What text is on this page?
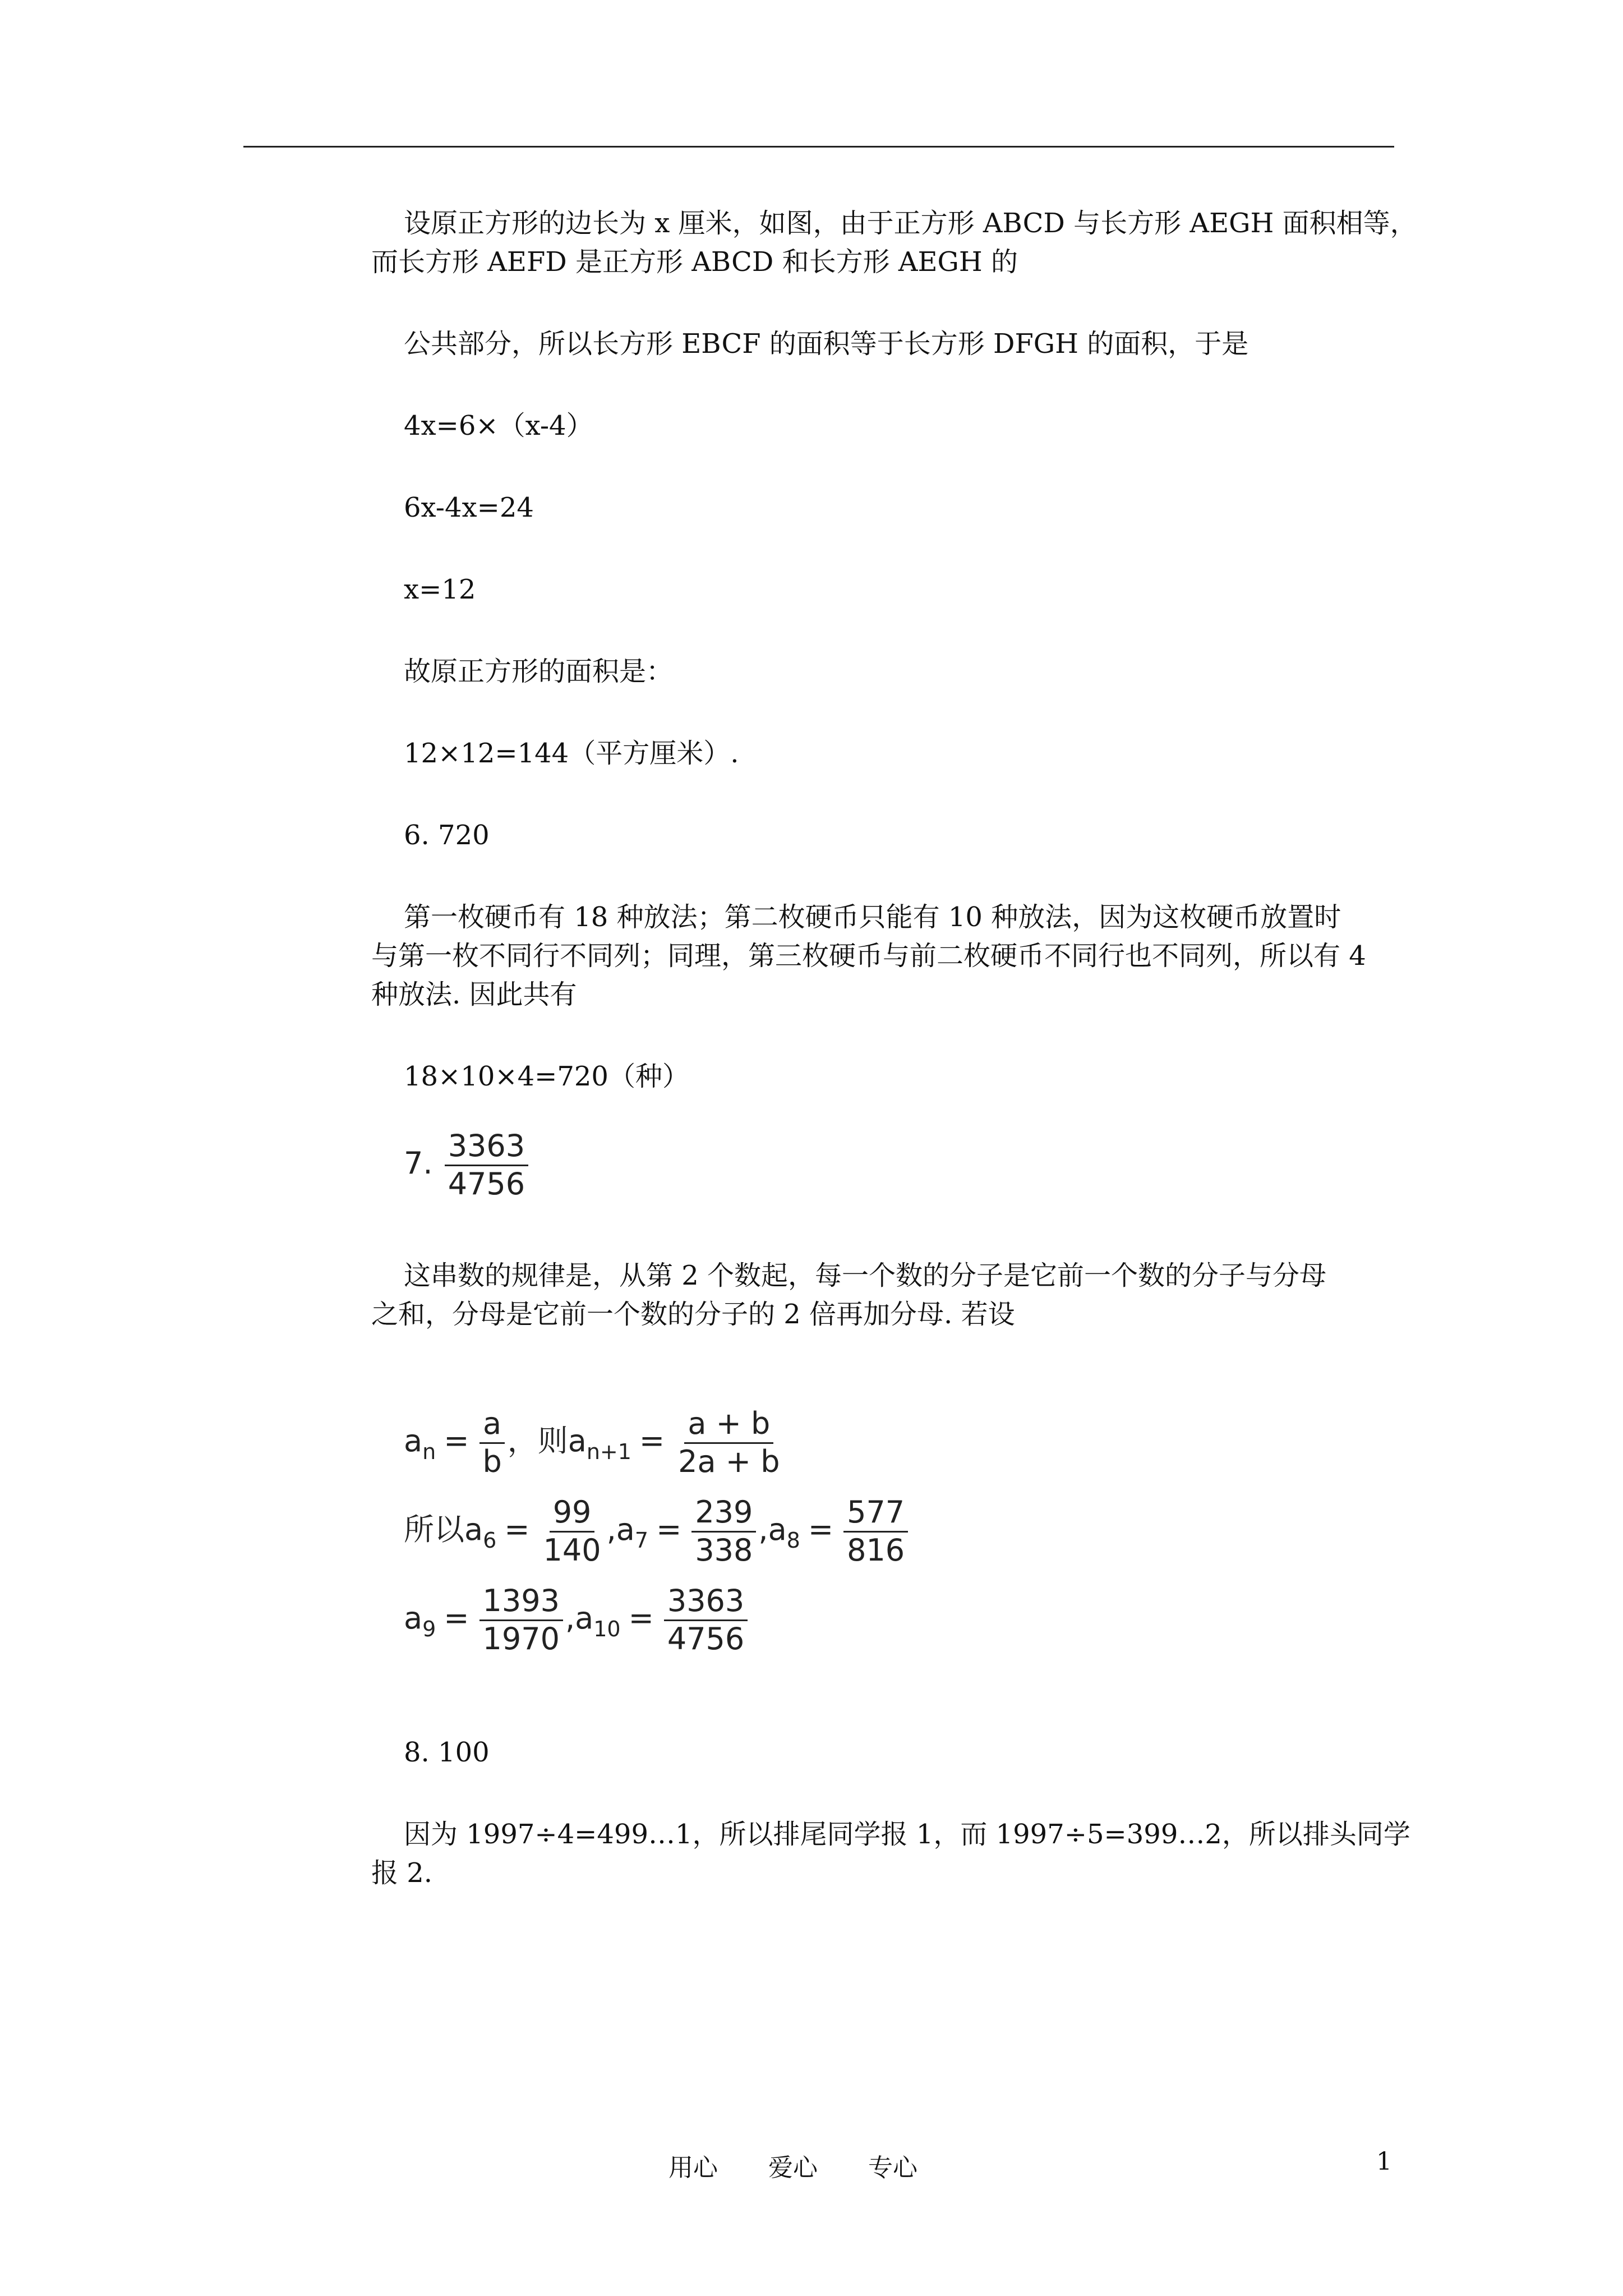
设原正方形的边长为 x 厘米，如图，由于正方形 ABCD 与长方形 AEGH 面积相等，
而长方形 AEFD 是正方形 ABCD 和长方形 AEGH 的
公共部分，所以长方形 EBCF 的面积等于长方形 DFGH 的面积，于是
4x=6×（x-4）
6x-4x=24
x=12
故原正方形的面积是：
12×12=144（平方厘米）.
6. 720
第一枚硬币有 18 种放法；第二枚硬币只能有 10 种放法，因为这枚硬币放置时
与第一枚不同行不同列；同理，第三枚硬币与前二枚硬币不同行也不同列，所以有 4
种放法. 因此共有
18×10×4=720（种）
7. $\frac{3363}{4756}$
这串数的规律是，从第 2 个数起，每一个数的分子是它前一个数的分子与分母
之和，分母是它前一个数的分子的 2 倍再加分母. 若设
$a_n = \frac{a}{b}$ ，则$a_{n+1} = \frac{a + b}{2a + b}$
所以$a_6 = \frac{99}{140} ,a_7 = \frac{239}{338} ,a_8 = \frac{577}{816}$
$a_9 = \frac{1393}{1970} ,a_{10} = \frac{3363}{4756}$
8. 100
因为 1997÷4=499…1，所以排尾同学报 1，而 1997÷5=399…2，所以排头同学
报 2.
用心 爱心 专心	1
